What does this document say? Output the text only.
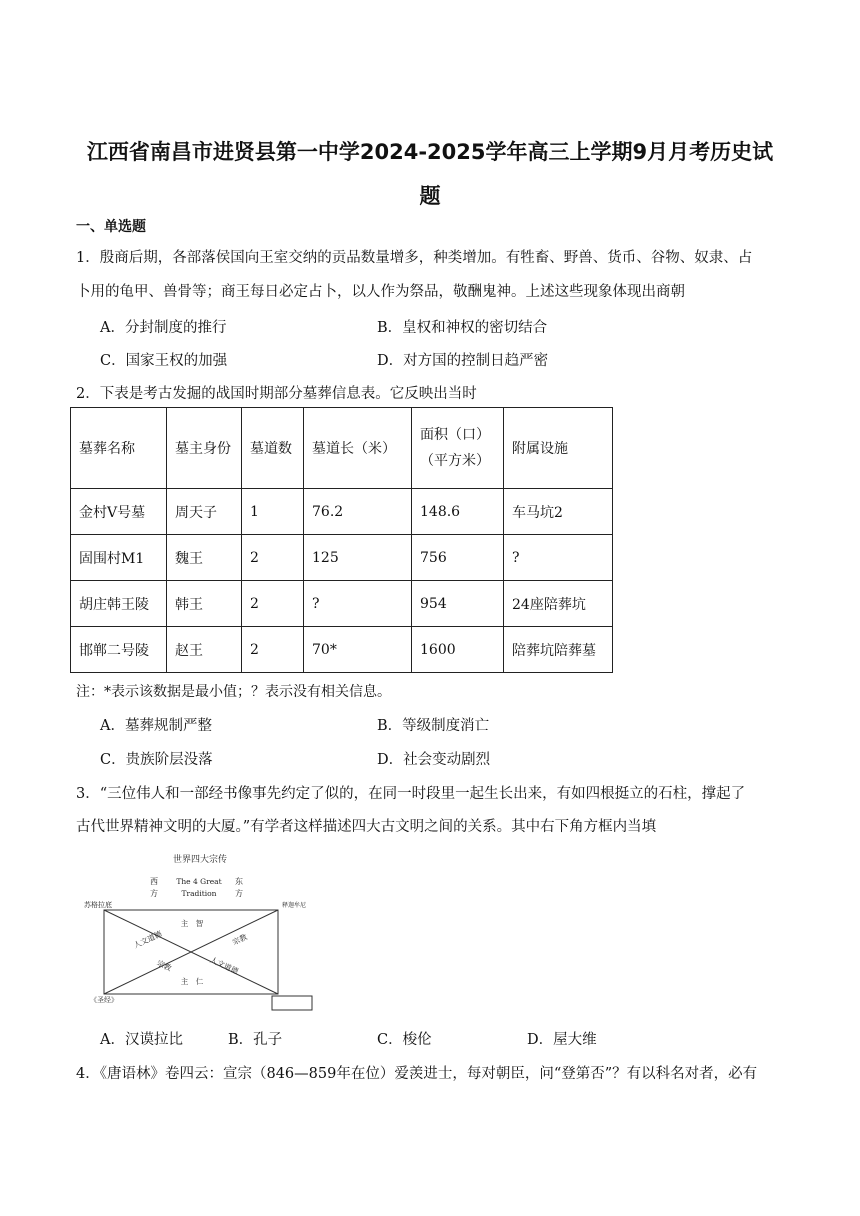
江西省南昌市进贤县第一中学2024-2025学年高三上学期9月月考历史试
题
一、单选题
1．殷商后期，各部落侯国向王室交纳的贡品数量增多，种类增加。有牲畜、野兽、货币、谷物、奴隶、占
卜用的龟甲、兽骨等；商王每日必定占卜，以人作为祭品，敬酬鬼神。上述这些现象体现出商朝
A．分封制度的推行	B．皇权和神权的密切结合
C．国家王权的加强	D．对方国的控制日趋严密
2．下表是考古发掘的战国时期部分墓葬信息表。它反映出当时
墓葬名称	墓主身份	墓道数	墓道长（米）	面积（口）
（平方米）	附属设施
金村V号墓	周天子	1	76.2	148.6	车马坑2
固围村M1	魏王	2	125	756	?
胡庄韩王陵	韩王	2	?	954	24座陪葬坑
邯郸二号陵	赵王	2	70*	1600	陪葬坑陪葬墓
注：*表示该数据是最小值；？表示没有相关信息。
A．墓葬规制严整	B．等级制度消亡
C．贵族阶层没落	D．社会变动剧烈
3．“三位伟人和一部经书像事先约定了似的，在同一时段里一起生长出来，有如四根挺立的石柱，撑起了
古代世界精神文明的大厦。”有学者这样描述四大古文明之间的关系。其中右下角方框内当填
世界四大宗传
西
方
The 4 Great
Tradition
东
方
苏格拉底	释迦牟尼
《圣经》
主　智
主　仁
人文道德	宗教
宗教	人文道德
A．汉谟拉比	B．孔子	C．梭伦	D．屋大维
4．《唐语林》卷四云：宣宗（846—859年在位）爱羡进士，每对朝臣，问“登第否”？有以科名对者，必有
